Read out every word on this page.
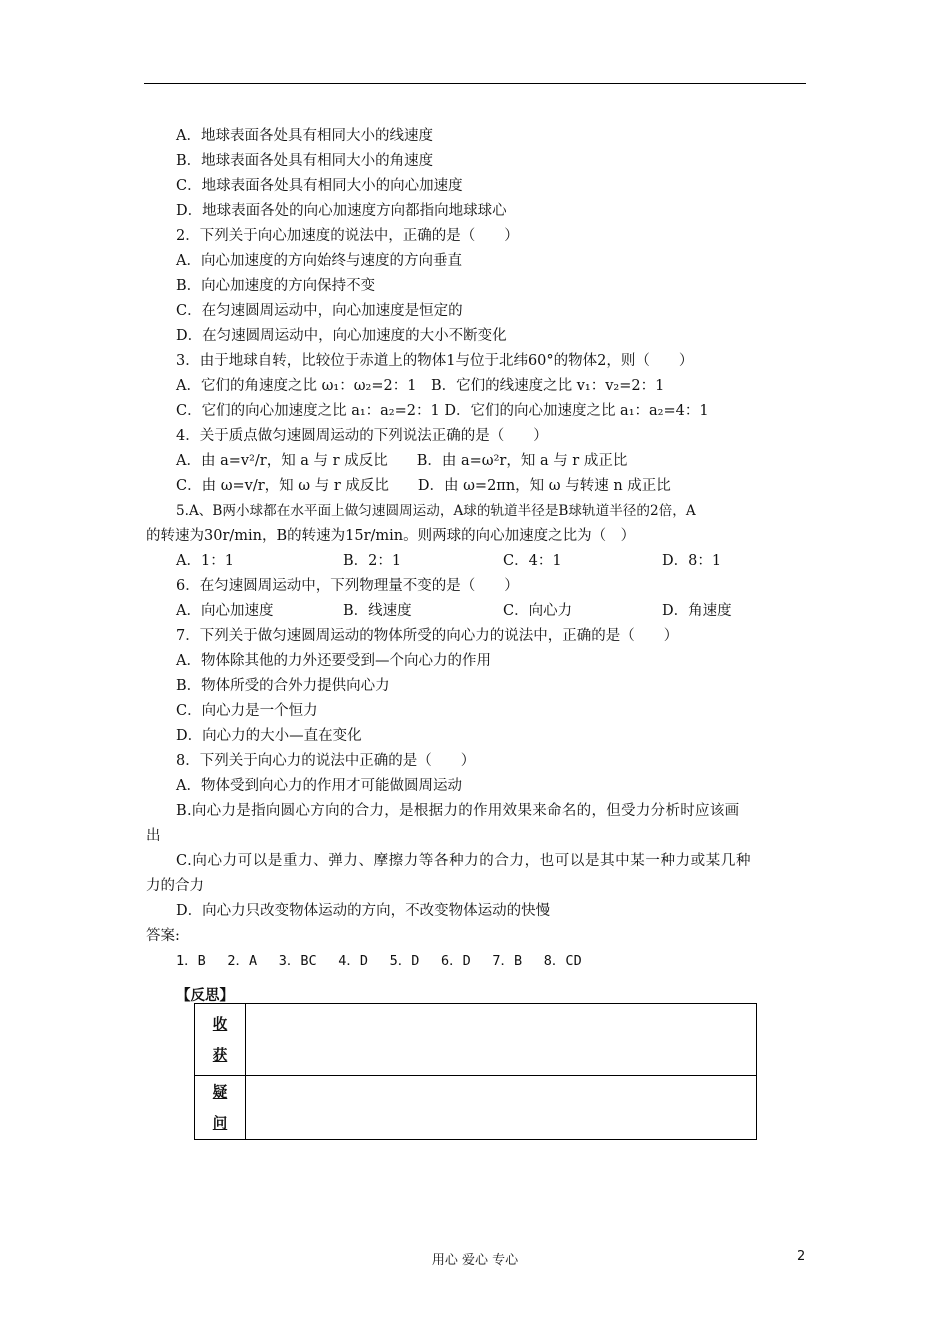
A．地球表面各处具有相同大小的线速度
B．地球表面各处具有相同大小的角速度
C．地球表面各处具有相同大小的向心加速度
D．地球表面各处的向心加速度方向都指向地球球心
2．下列关于向心加速度的说法中，正确的是（　　）
A．向心加速度的方向始终与速度的方向垂直
B．向心加速度的方向保持不变
C．在匀速圆周运动中，向心加速度是恒定的
D．在匀速圆周运动中，向心加速度的大小不断变化
3．由于地球自转，比较位于赤道上的物体1与位于北纬60°的物体2，则（　　）
A．它们的角速度之比 ω₁：ω₂=2：1　B．它们的线速度之比 v₁：v₂=2：1
C．它们的向心加速度之比 a₁：a₂=2：1 D．它们的向心加速度之比 a₁：a₂=4：1
4．关于质点做匀速圆周运动的下列说法正确的是（　　）
A．由 a=v²/r，知 a 与 r 成反比　　B．由 a=ω²r，知 a 与 r 成正比
C．由 ω=v/r，知 ω 与 r 成反比　　D．由 ω=2πn，知 ω 与转速 n 成正比
5.A、B两小球都在水平面上做匀速圆周运动，A球的轨道半径是B球轨道半径的2倍，A
的转速为30r/min，B的转速为15r/min。则两球的向心加速度之比为（　）
A．1：1	B．2：1	C．4：1	D．8：1
6．在匀速圆周运动中，下列物理量不变的是（　　）
A．向心加速度	B．线速度	C．向心力	D．角速度
7．下列关于做匀速圆周运动的物体所受的向心力的说法中，正确的是（　　）
A．物体除其他的力外还要受到—个向心力的作用
B．物体所受的合外力提供向心力
C．向心力是一个恒力
D．向心力的大小—直在变化
8．下列关于向心力的说法中正确的是（　　）
A．物体受到向心力的作用才可能做圆周运动
B.向心力是指向圆心方向的合力，是根据力的作用效果来命名的，但受力分析时应该画
出
C.向心力可以是重力、弹力、摩擦力等各种力的合力，也可以是其中某一种力或某几种
力的合力
D．向心力只改变物体运动的方向，不改变物体运动的快慢
答案:
1．B　 2．A　 3．BC　 4．D　 5．D　 6．D　 7．B　 8．CD
【反思】
收
获	

疑
问	

用心 爱心 专心	2
